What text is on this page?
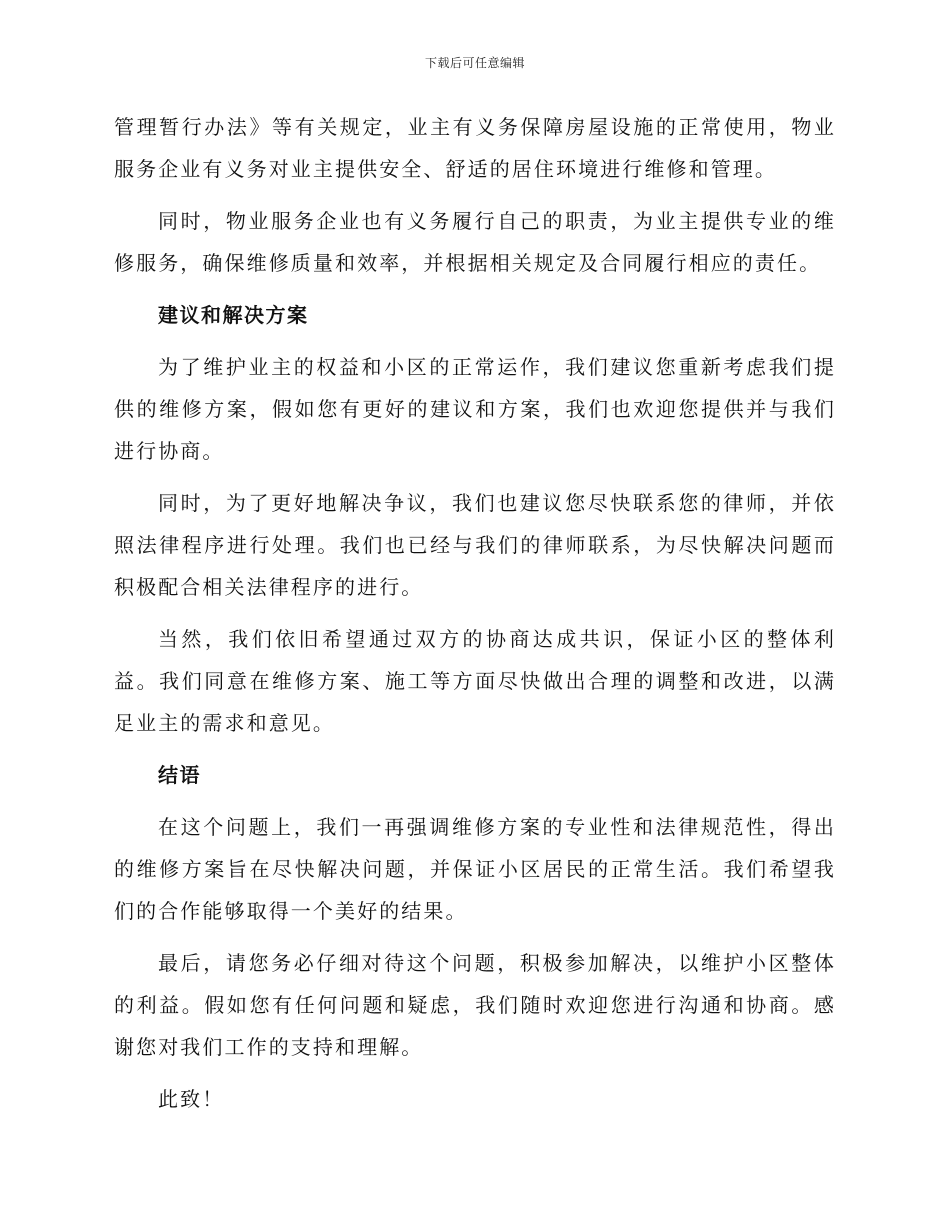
下载后可任意编辑

管理暂行办法》等有关规定，业主有义务保障房屋设施的正常使用，物业服务企业有义务对业主提供安全、舒适的居住环境进行维修和管理。

同时，物业服务企业也有义务履行自己的职责，为业主提供专业的维修服务，确保维修质量和效率，并根据相关规定及合同履行相应的责任。

建议和解决方案

为了维护业主的权益和小区的正常运作，我们建议您重新考虑我们提供的维修方案，假如您有更好的建议和方案，我们也欢迎您提供并与我们进行协商。

同时，为了更好地解决争议，我们也建议您尽快联系您的律师，并依照法律程序进行处理。我们也已经与我们的律师联系，为尽快解决问题而积极配合相关法律程序的进行。

当然，我们依旧希望通过双方的协商达成共识，保证小区的整体利益。我们同意在维修方案、施工等方面尽快做出合理的调整和改进，以满足业主的需求和意见。

结语

在这个问题上，我们一再强调维修方案的专业性和法律规范性，得出的维修方案旨在尽快解决问题，并保证小区居民的正常生活。我们希望我们的合作能够取得一个美好的结果。

最后，请您务必仔细对待这个问题，积极参加解决，以维护小区整体的利益。假如您有任何问题和疑虑，我们随时欢迎您进行沟通和协商。感谢您对我们工作的支持和理解。

此致！
